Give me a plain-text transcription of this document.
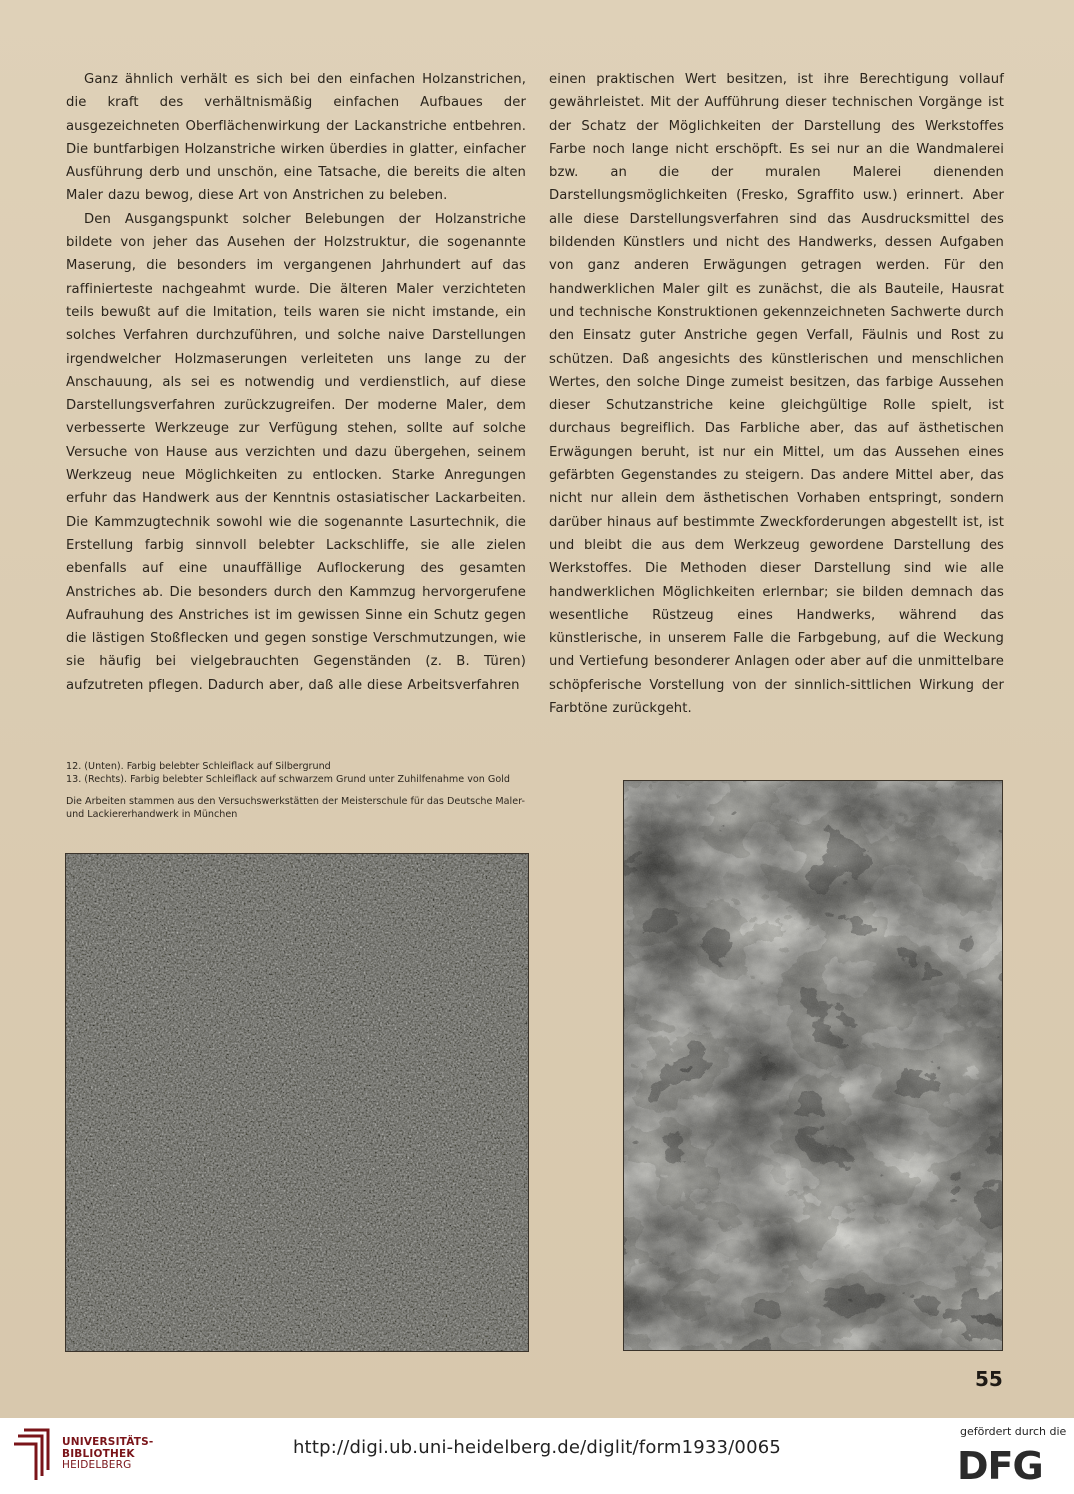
Ganz ähnlich verhält es sich bei den einfachen Holzanstrichen, die kraft des verhältnismäßig einfachen Aufbaues der ausgezeichneten Oberflächenwirkung der Lackanstriche entbehren. Die buntfarbigen Holzanstriche wirken überdies in glatter, einfacher Ausführung derb und unschön, eine Tatsache, die bereits die alten Maler dazu bewog, diese Art von Anstrichen zu beleben.

Den Ausgangspunkt solcher Belebungen der Holzanstriche bildete von jeher das Ausehen der Holzstruktur, die sogenannte Maserung, die besonders im vergangenen Jahrhundert auf das raffinierteste nachgeahmt wurde. Die älteren Maler verzichteten teils bewußt auf die Imitation, teils waren sie nicht imstande, ein solches Verfahren durchzuführen, und solche naive Darstellungen irgendwelcher Holzmaserungen verleiteten uns lange zu der Anschauung, als sei es notwendig und verdienstlich, auf diese Darstellungsverfahren zurückzugreifen. Der moderne Maler, dem verbesserte Werkzeuge zur Verfügung stehen, sollte auf solche Versuche von Hause aus verzichten und dazu übergehen, seinem Werkzeug neue Möglichkeiten zu entlocken. Starke Anregungen erfuhr das Handwerk aus der Kenntnis ostasiatischer Lackarbeiten. Die Kammzugtechnik sowohl wie die sogenannte Lasurtechnik, die Erstellung farbig sinnvoll belebter Lackschliffe, sie alle zielen ebenfalls auf eine unauffällige Auflockerung des gesamten Anstriches ab. Die besonders durch den Kammzug hervorgerufene Aufrauhung des Anstriches ist im gewissen Sinne ein Schutz gegen die lästigen Stoßflecken und gegen sonstige Verschmutzungen, wie sie häufig bei vielgebrauchten Gegenständen (z. B. Türen) aufzutreten pflegen. Dadurch aber, daß alle diese Arbeitsverfahren

einen praktischen Wert besitzen, ist ihre Berechtigung vollauf gewährleistet. Mit der Aufführung dieser technischen Vorgänge ist der Schatz der Möglichkeiten der Darstellung des Werkstoffes Farbe noch lange nicht erschöpft. Es sei nur an die Wandmalerei bzw. an die der muralen Malerei dienenden Darstellungsmöglichkeiten (Fresko, Sgraffito usw.) erinnert. Aber alle diese Darstellungsverfahren sind das Ausdrucksmittel des bildenden Künstlers und nicht des Handwerks, dessen Aufgaben von ganz anderen Erwägungen getragen werden. Für den handwerklichen Maler gilt es zunächst, die als Bauteile, Hausrat und technische Konstruktionen gekennzeichneten Sachwerte durch den Einsatz guter Anstriche gegen Verfall, Fäulnis und Rost zu schützen. Daß angesichts des künstlerischen und menschlichen Wertes, den solche Dinge zumeist besitzen, das farbige Aussehen dieser Schutzanstriche keine gleichgültige Rolle spielt, ist durchaus begreiflich. Das Farbliche aber, das auf ästhetischen Erwägungen beruht, ist nur ein Mittel, um das Aussehen eines gefärbten Gegenstandes zu steigern. Das andere Mittel aber, das nicht nur allein dem ästhetischen Vorhaben entspringt, sondern darüber hinaus auf bestimmte Zweckforderungen abgestellt ist, ist und bleibt die aus dem Werkzeug gewordene Darstellung des Werkstoffes. Die Methoden dieser Darstellung sind wie alle handwerklichen Möglichkeiten erlernbar; sie bilden demnach das wesentliche Rüstzeug eines Handwerks, während das künstlerische, in unserem Falle die Farbgebung, auf die Weckung und Vertiefung besonderer Anlagen oder aber auf die unmittelbare schöpferische Vorstellung von der sinnlich-sittlichen Wirkung der Farbtöne zurückgeht.

12. (Unten). Farbig belebter Schleiflack auf Silbergrund

13. (Rechts). Farbig belebter Schleiflack auf schwarzem Grund unter Zuhilfenahme von Gold

Die Arbeiten stammen aus den Versuchswerkstätten der Meisterschule für das Deutsche Maler- und Lackiererhandwerk in München

55
UNIVERSITÄTS-
BIBLIOTHEK
HEIDELBERG
http://digi.ub.uni-heidelberg.de/diglit/form1933/0065
gefördert durch die
DFG
